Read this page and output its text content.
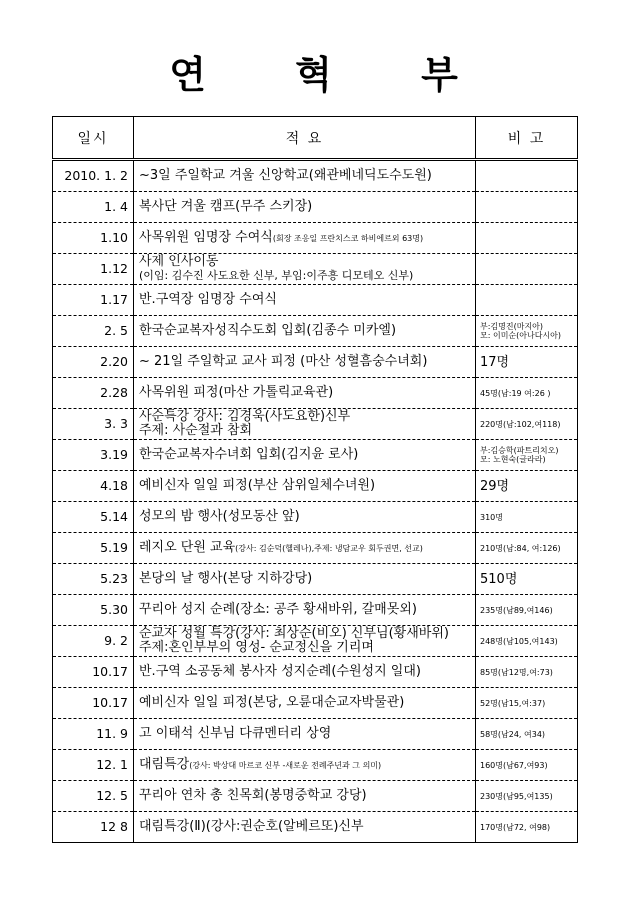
연 혁 부
일시	적 요	비 고
2010. 1. 2	~3일 주일학교 겨울 신앙학교(왜관베네딕도수도원)	
1. 4	복사단 겨울 캠프(무주 스키장)	
1.10	사목위원 임명장 수여식(회장 조응일 프란치스코 하비에르외 63명)	
1.12	사제 인사이동
(이임: 김수진 사도요한 신부, 부임:이주흥 디모테오 신부)	

1.17	반.구역장 임명장 수여식	
2. 5	한국순교복자성직수도회 입회(김종수 미카엘)	부:김명진(마지아)
모: 이미순(아나다시아)

2.20	~ 21일 주일학교 교사 피정 (마산 성혈흠숭수녀회)	17명
2.28	사목위원 피정(마산 가톨릭교육관)	45명(남:19 여:26 )
3. 3	사순특강 강사: 김경욱(사도요한)신부
주제: 사순절과 참회	220명(남:102,여118)
3.19	한국순교복자수녀회 입회(김지윤 로사)	부:김승학(파트리치오)
모: 노현숙(글라라)

4.18	예비신자 일일 피정(부산 삼위일체수녀원)	29명
5.14	성모의 밤 행사(성모동산 앞)	310명
5.19	레지오 단원 교육(강사: 김순덕(헬레나),주제: 냉담교우 회두권면, 선교)	210명(남:84, 여:126)
5.23	본당의 날 행사(본당 지하강당)	510명
5.30	꾸리아 성지 순례(장소: 공주 황새바위, 갈매못외)	235명(남89,여146)
9. 2	순교자 성월 특강(강사: 최상순(비오) 신부님(황새바위)
주제:혼인부부의 영성- 순교정신을 기리며	248명(남105,여143)
10.17	반.구역 소공동체 봉사자 성지순례(수원성지 일대)	85명(남12명,여:73)
10.17	예비신자 일일 피정(본당, 오륜대순교자박물관)	52명(남15,여:37)
11. 9	고 이태석 신부님 다큐멘터리 상영	58명(남24, 여34)
12. 1	대림특강(강사: 박상대 마르코 신부 -새로운 전례주년과 그 의미)	160명(남67,여93)
12. 5	꾸리아 연차 총 친목회(봉명중학교 강당)	230명(남95,여135)
12 8	대림특강(Ⅱ)(강사:권순호(알베르또)신부	170명(남72, 여98)
